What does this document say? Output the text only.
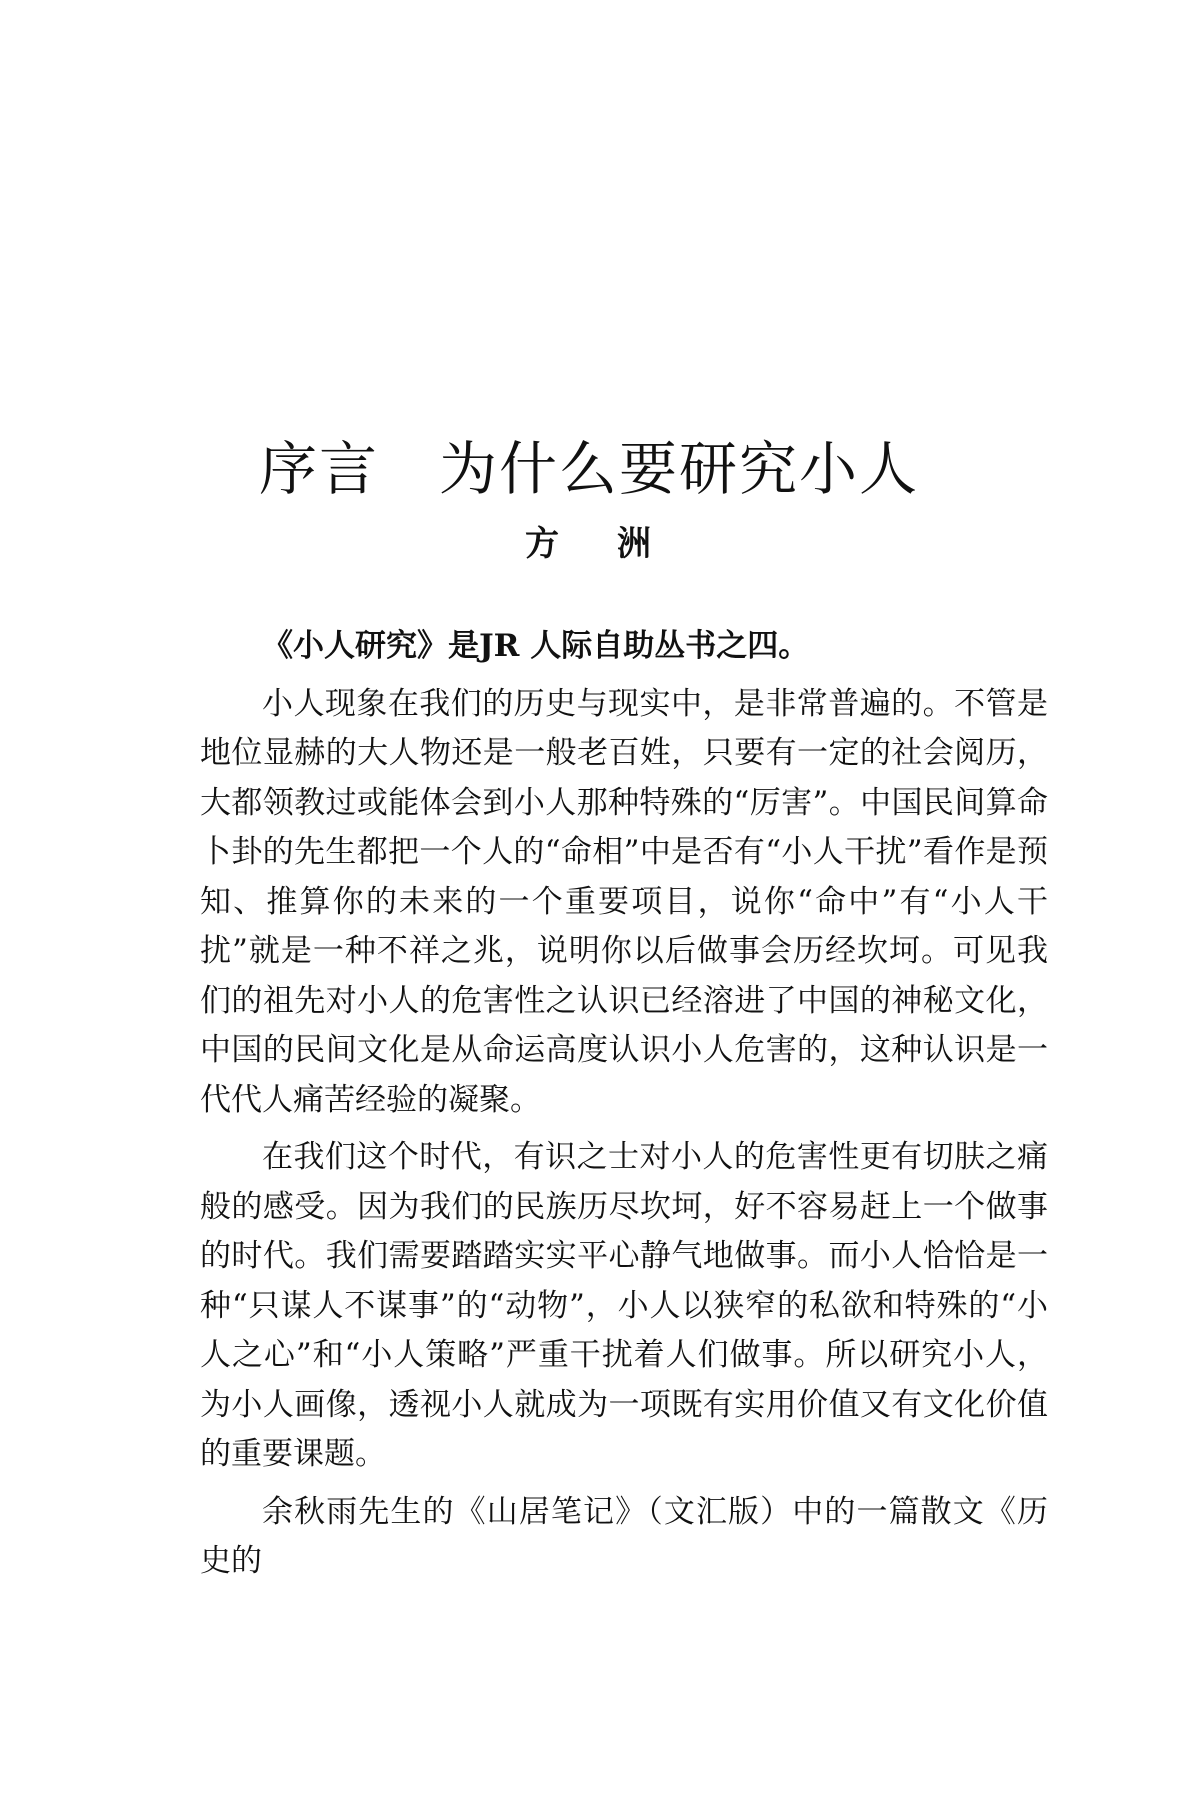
序言　为什么要研究小人
方 洲

《小人研究》是JR 人际自助丛书之四。

小人现象在我们的历史与现实中，是非常普遍的。不管是地位显赫的大人物还是一般老百姓，只要有一定的社会阅历，大都领教过或能体会到小人那种特殊的“厉害”。中国民间算命卜卦的先生都把一个人的“命相”中是否有“小人干扰”看作是预知、推算你的未来的一个重要项目，说你“命中”有“小人干扰”就是一种不祥之兆，说明你以后做事会历经坎坷。可见我们的祖先对小人的危害性之认识已经溶进了中国的神秘文化，中国的民间文化是从命运高度认识小人危害的，这种认识是一代代人痛苦经验的凝聚。

在我们这个时代，有识之士对小人的危害性更有切肤之痛般的感受。因为我们的民族历尽坎坷，好不容易赶上一个做事的时代。我们需要踏踏实实平心静气地做事。而小人恰恰是一种“只谋人不谋事”的“动物”，小人以狭窄的私欲和特殊的“小人之心”和“小人策略”严重干扰着人们做事。所以研究小人，为小人画像，透视小人就成为一项既有实用价值又有文化价值的重要课题。

余秋雨先生的《山居笔记》（文汇版）中的一篇散文《历史的
